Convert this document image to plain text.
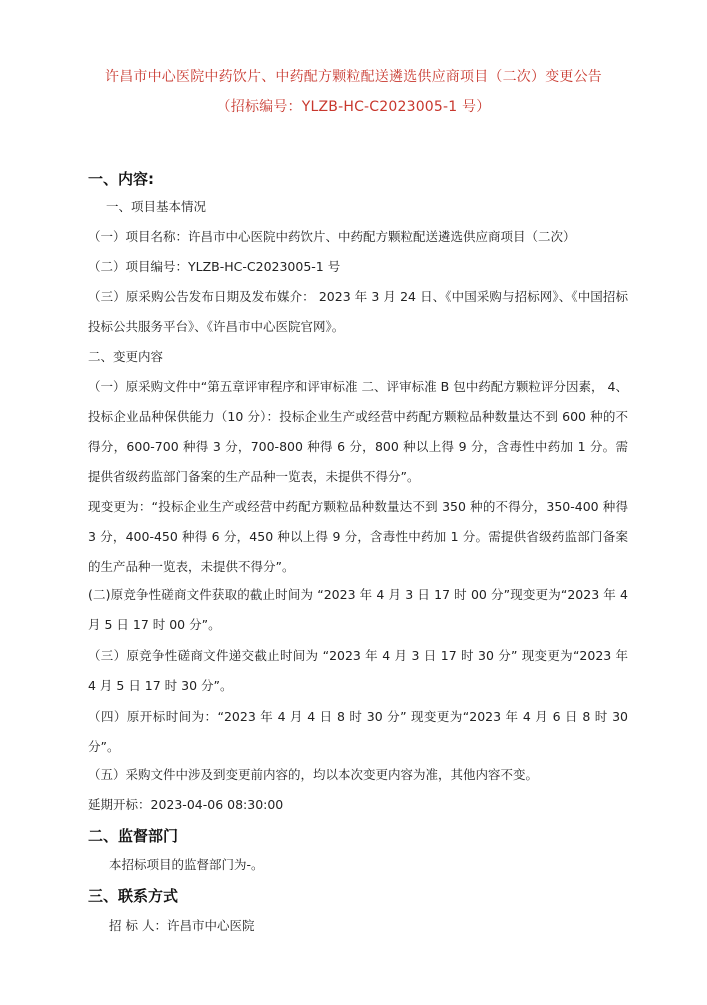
许昌市中心医院中药饮片、中药配方颗粒配送遴选供应商项目（二次）变更公告
（招标编号：YLZB-HC-C2023005-1 号）
一、内容:
一、项目基本情况
（一）项目名称：许昌市中心医院中药饮片、中药配方颗粒配送遴选供应商项目（二次）
（二）项目编号：YLZB-HC-C2023005-1 号
（三）原采购公告发布日期及发布媒介： 2023 年 3 月 24 日、《中国采购与招标网》、《中国招标投标公共服务平台》、《许昌市中心医院官网》。
二、变更内容
（一）原采购文件中“第五章评审程序和评审标准 二、评审标准 B 包中药配方颗粒评分因素， 4、投标企业品种保供能力（10 分）：投标企业生产或经营中药配方颗粒品种数量达不到 600 种的不得分，600-700 种得 3 分，700-800 种得 6 分，800 种以上得 9 分，含毒性中药加 1 分。需提供省级药监部门备案的生产品种一览表，未提供不得分”。
现变更为：“投标企业生产或经营中药配方颗粒品种数量达不到 350 种的不得分，350-400 种得 3 分，400-450 种得 6 分，450 种以上得 9 分，含毒性中药加 1 分。需提供省级药监部门备案的生产品种一览表，未提供不得分”。
(二)原竞争性磋商文件获取的截止时间为 “2023 年 4 月 3 日 17 时 00 分”现变更为“2023 年 4 月 5 日 17 时 00 分”。
（三）原竞争性磋商文件递交截止时间为 “2023 年 4 月 3 日 17 时 30 分” 现变更为“2023 年 4 月 5 日 17 时 30 分”。
（四）原开标时间为：“2023 年 4 月 4 日 8 时 30 分” 现变更为“2023 年 4 月 6 日 8 时 30 分”。
（五）采购文件中涉及到变更前内容的，均以本次变更内容为准，其他内容不变。
延期开标：2023-04-06 08:30:00
二、监督部门
本招标项目的监督部门为-。
三、联系方式
招 标 人：许昌市中心医院
